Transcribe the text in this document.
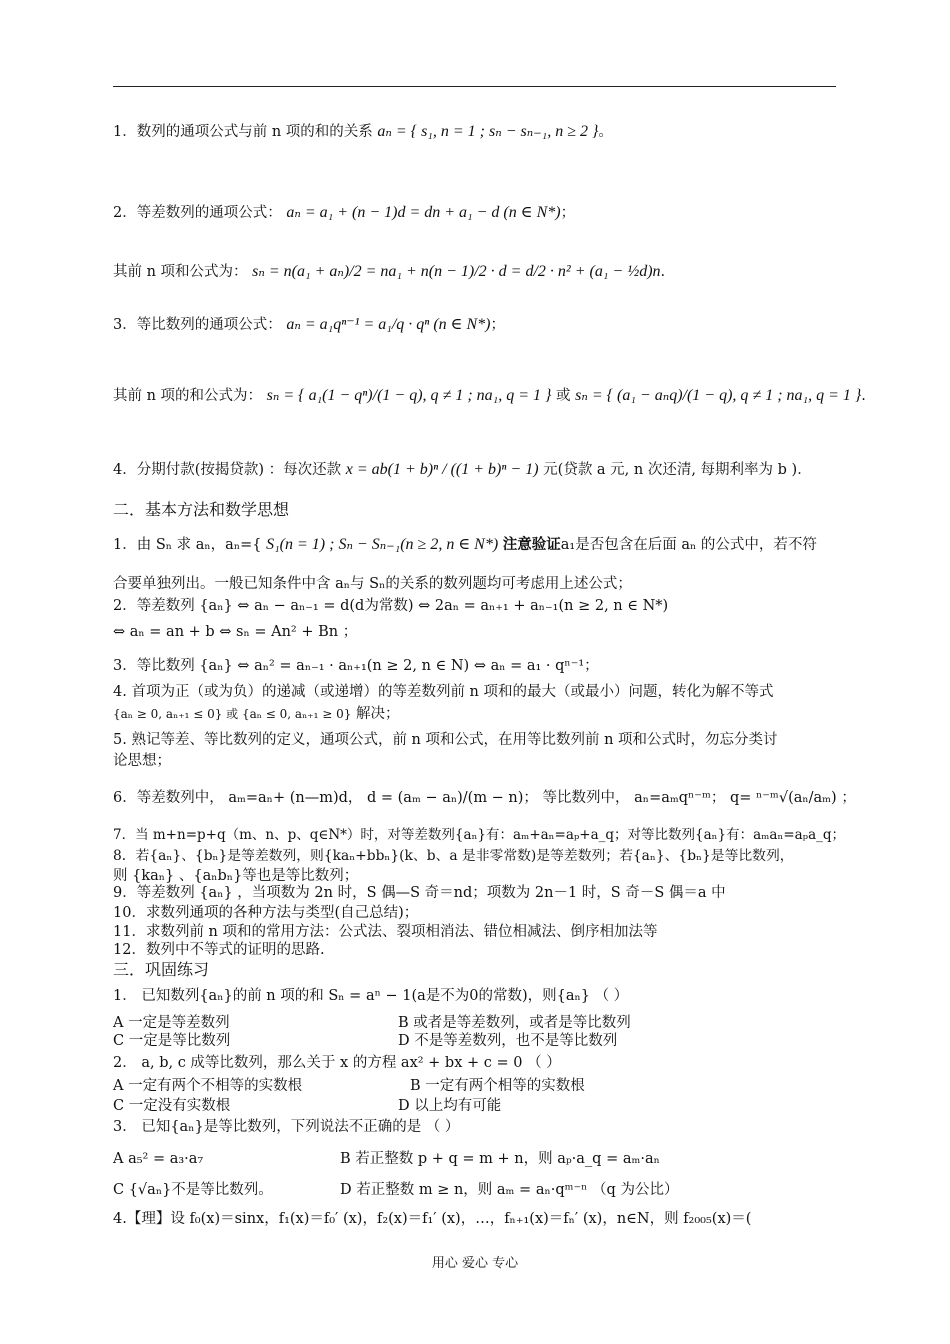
1．数列的通项公式与前 n 项的和的关系 aₙ = { s₁, n = 1 ; sₙ − sₙ₋₁, n ≥ 2 }。
2．等差数列的通项公式： aₙ = a₁ + (n − 1)d = dn + a₁ − d (n ∈ N*)；
其前 n 项和公式为： sₙ = n(a₁ + aₙ)/2 = na₁ + n(n − 1)/2 · d = d/2 · n² + (a₁ − ½d)n.
3．等比数列的通项公式： aₙ = a₁qⁿ⁻¹ = a₁/q · qⁿ (n ∈ N*)；
其前 n 项的和公式为： sₙ = { a₁(1 − qⁿ)/(1 − q), q ≠ 1 ; na₁, q = 1 } 或 sₙ = { (a₁ − aₙq)/(1 − q), q ≠ 1 ; na₁, q = 1 }.
4．分期付款(按揭贷款) ：每次还款 x = ab(1 + b)ⁿ / ((1 + b)ⁿ − 1) 元(贷款 a 元, n 次还清, 每期利率为 b )．
二．基本方法和数学思想
1．由 Sₙ 求 aₙ，aₙ={ S₁(n = 1) ; Sₙ − Sₙ₋₁(n ≥ 2, n ∈ N*) 注意验证a₁是否包含在后面 aₙ 的公式中，若不符
合要单独列出。一般已知条件中含 aₙ与 Sₙ的关系的数列题均可考虑用上述公式；
2．等差数列 {aₙ} ⇔ aₙ − aₙ₋₁ = d(d为常数) ⇔ 2aₙ = aₙ₊₁ + aₙ₋₁(n ≥ 2, n ∈ N*)
⇔ aₙ = an + b ⇔ sₙ = An² + Bn ；
3．等比数列 {aₙ} ⇔ aₙ² = aₙ₋₁ · aₙ₊₁(n ≥ 2, n ∈ N) ⇔ aₙ = a₁ · qⁿ⁻¹；
4. 首项为正（或为负）的递减（或递增）的等差数列前 n 项和的最大（或最小）问题，转化为解不等式
{aₙ ≥ 0, aₙ₊₁ ≤ 0} 或 {aₙ ≤ 0, aₙ₊₁ ≥ 0} 解决；
5. 熟记等差、等比数列的定义，通项公式，前 n 项和公式，在用等比数列前 n 项和公式时，勿忘分类讨
论思想；
6．等差数列中， aₘ=aₙ+ (n—m)d， d = (aₘ − aₙ)/(m − n)； 等比数列中， aₙ=aₘqⁿ⁻ᵐ； q= ⁿ⁻ᵐ√(aₙ/aₘ) ；
7．当 m+n=p+q（m、n、p、q∈N*）时，对等差数列{aₙ}有：aₘ+aₙ=aₚ+a_q；对等比数列{aₙ}有：aₘaₙ=aₚa_q；
8．若{aₙ}、{bₙ}是等差数列，则{kaₙ+bbₙ}(k、b、a 是非零常数)是等差数列；若{aₙ}、{bₙ}是等比数列，
则 {kaₙ} 、{aₙbₙ}等也是等比数列；
9．等差数列 {aₙ} ，当项数为 2n 时，S 偶—S 奇＝nd；项数为 2n－1 时，S 奇－S 偶＝a 中
10．求数列通项的各种方法与类型(自己总结)；
11．求数列前 n 项和的常用方法：公式法、裂项相消法、错位相减法、倒序相加法等
12．数列中不等式的证明的思路.
三．巩固练习
1． 已知数列{aₙ}的前 n 项的和 Sₙ = aⁿ − 1(a是不为0的常数)，则{aₙ} （ ）
A 一定是等差数列	B 或者是等差数列，或者是等比数列
C 一定是等比数列	D 不是等差数列，也不是等比数列
2． a, b, c 成等比数列，那么关于 x 的方程 ax² + bx + c = 0 （ ）
A 一定有两个不相等的实数根	B 一定有两个相等的实数根
C 一定没有实数根	D 以上均有可能
3． 已知{aₙ}是等比数列，下列说法不正确的是 （ ）
A a₅² = a₃·a₇	B 若正整数 p + q = m + n，则 aₚ·a_q = aₘ·aₙ
C {√aₙ}不是等比数列。	D 若正整数 m ≥ n，则 aₘ = aₙ·qᵐ⁻ⁿ （q 为公比）
4.【理】设 f₀(x)＝sinx，f₁(x)＝f₀′ (x)，f₂(x)＝f₁′ (x)，…，fₙ₊₁(x)＝fₙ′ (x)，n∈N，则 f₂₀₀₅(x)＝(
用心 爱心 专心
